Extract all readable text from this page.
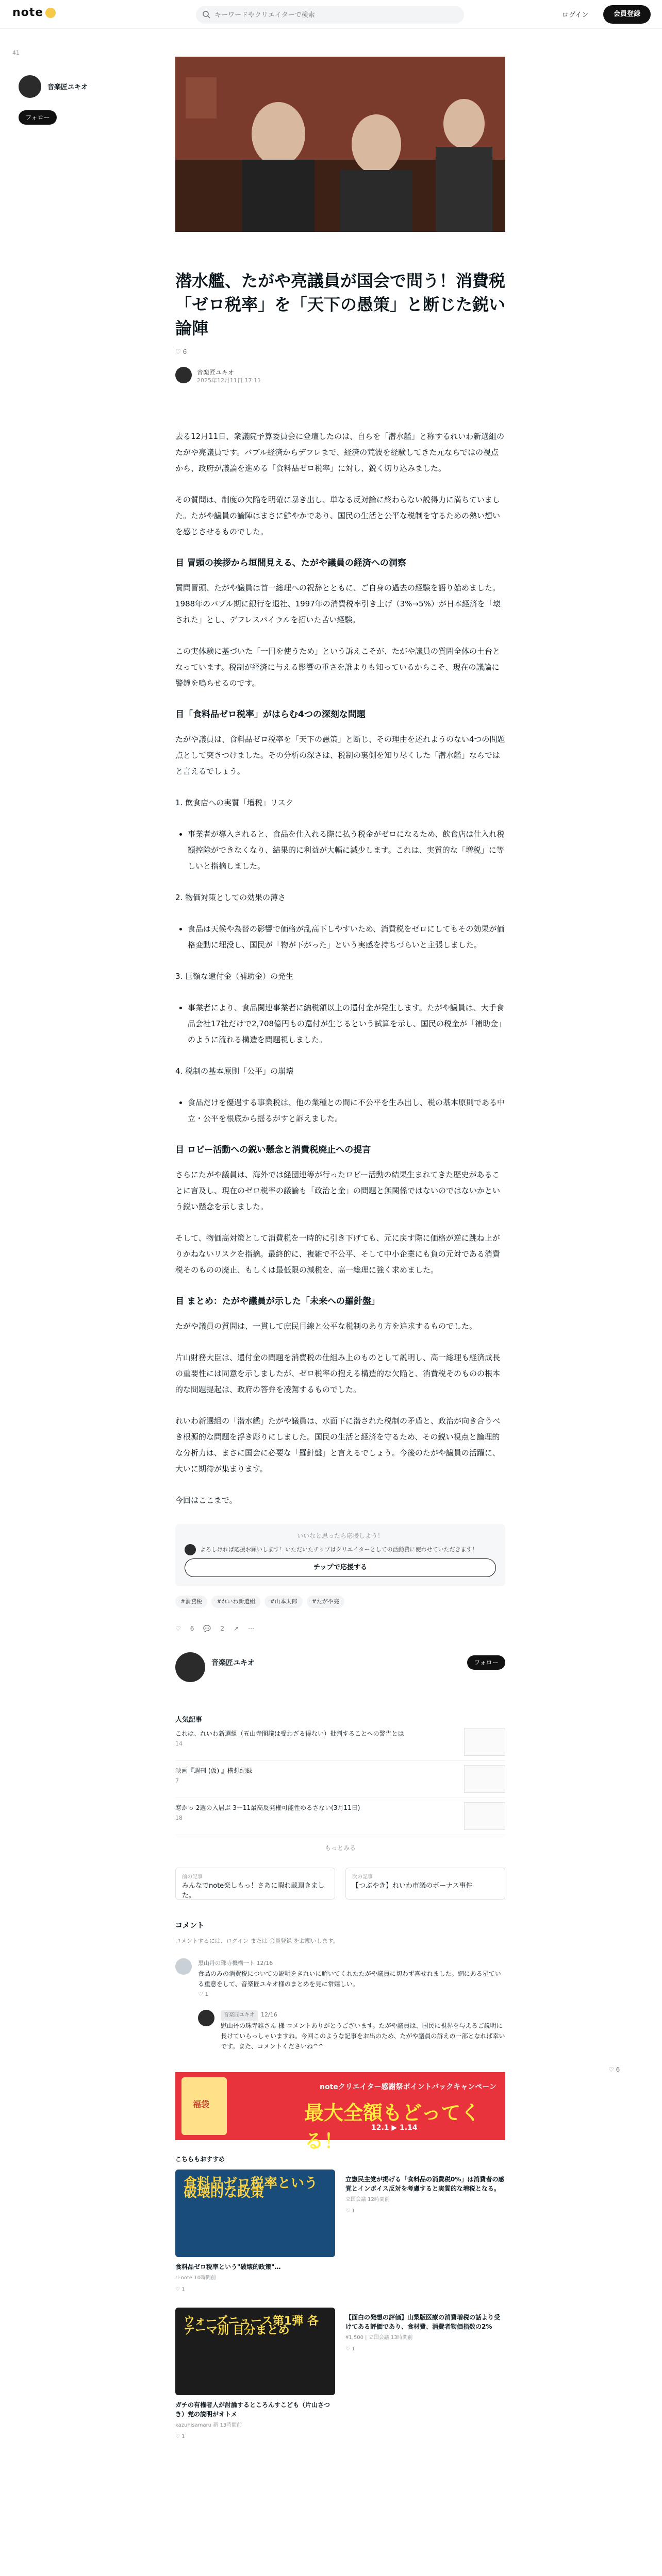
note
キーワードやクリエイターで検索	ログイン	会員登録
41
音楽匠ユキオ
フォロー
潜水艦、たがや亮議員が国会で問う！消費税「ゼロ税率」を「天下の愚策」と断じた鋭い論陣
♡ 6
音楽匠ユキオ
2025年12月11日 17:11

去る12月11日、衆議院予算委員会に登壇したのは、自らを「潜水艦」と称するれいわ新選組のたがや亮議員です。バブル経済からデフレまで、経済の荒波を経験してきた元ならではの視点から、政府が議論を進める「食料品ゼロ税率」に対し、鋭く切り込みました。

その質問は、制度の欠陥を明確に暴き出し、単なる反対論に終わらない説得力に満ちていました。たがや議員の論陣はまさに鮮やかであり、国民の生活と公平な税制を守るための熱い想いを感じさせるものでした。

目 冒頭の挨拶から垣間見える、たがや議員の経済への洞察

質問冒頭、たがや議員は首一総理への祝辞とともに、ご自身の過去の経験を語り始めました。1988年のバブル期に銀行を退社、1997年の消費税率引き上げ（3%→5%）が日本経済を「壊された」とし、デフレスパイラルを招いた苦い経験。

この実体験に基づいた「一円を使うため」という訴えこそが、たがや議員の質問全体の土台となっています。税制が経済に与える影響の重さを誰よりも知っているからこそ、現在の議論に警鐘を鳴らせるのです。

目「食料品ゼロ税率」がはらむ4つの深刻な問題

たがや議員は、食料品ゼロ税率を「天下の愚策」と断じ、その理由を述れようのない4つの問題点として突きつけました。その分析の深さは、税制の裏側を知り尽くした「潜水艦」ならではと言えるでしょう。

1. 飲食店への実質「増税」リスク

• 事業者が導入されると、食品を仕入れる際に払う税金がゼロになるため、飲食店は仕入れ税額控除ができなくなり、結果的に利益が大幅に減少します。これは、実質的な「増税」に等しいと指摘しました。

2. 物価対策としての効果の薄さ

• 食品は天候や為替の影響で価格が乱高下しやすいため、消費税をゼロにしてもその効果が価格変動に埋没し、国民が「物が下がった」という実感を持ちづらいと主張しました。

3. 巨額な還付金（補助金）の発生

• 事業者により、食品関連事業者に納税額以上の還付金が発生します。たがや議員は、大手食品会社17社だけで2,708億円もの還付が生じるという試算を示し、国民の税金が「補助金」のように流れる構造を問題視しました。

4. 税制の基本原則「公平」の崩壊

• 食品だけを優遇する事業税は、他の業種との間に不公平を生み出し、税の基本原則である中立・公平を根底から揺るがすと訴えました。
目 ロビー活動への鋭い懸念と消費税廃止への提言

さらにたがや議員は、海外では経団連等が行ったロビー活動の結果生まれてきた歴史があることに言及し、現在のゼロ税率の議論も「政治と金」の問題と無関係ではないのではないかという鋭い懸念を示しました。

そして、物価高対策として消費税を一時的に引き下げても、元に戻す際に価格が逆に跳ね上がりかねないリスクを指摘。最終的に、複雑で不公平、そして中小企業にも負の元対である消費税そのものの廃止、もしくは最低限の減税を、高一総理に強く求めました。

目 まとめ：たがや議員が示した「未来への羅針盤」

たがや議員の質問は、一貫して庶民目線と公平な税制のあり方を追求するものでした。

片山財務大臣は、還付金の問題を消費税の仕組み上のものとして説明し、高一総理も経済成長の重要性には同意を示しましたが、ゼロ税率の抱える構造的な欠陥と、消費税そのものの根本的な問題提起は、政府の答弁を凌駕するものでした。

れいわ新選組の「潜水艦」たがや議員は、水面下に潜された税制の矛盾と、政治が向き合うべき根源的な問題を浮き彫りにしました。国民の生活と経済を守るため、その鋭い視点と論理的な分析力は、まさに国会に必要な「羅針盤」と言えるでしょう。今後のたがや議員の活躍に、大いに期待が集まります。

今回はここまで。

いいなと思ったら応援しよう！
よろしければ応援お願いします！いただいたチップはクリエイターとしての活動費に使わせていただきます！
チップで応援する
#消費税	#れいわ新選組	#山本太郎	#たがや亮
♡ 6 💬 2 ↗ ⋯
音楽匠ユキオ	フォロー
人気記事
これは、れいわ新選組（五山寺閣議は受わざる得ない）批判することへの警告とは
14
映画『週刊 (仮) 』構想紀録
7
寒かっ 2週の入居ぶ 3一11最高反発権可能性ゆるさない(3月11日)
18
もっとみる
前の記事
みんなでnote楽しもっ！さあに暇れ載頂きました。
次の記事
【つぶやき】れいわ市議のボーナス事件
コメント
コメントするには、ログイン または 会員登録 をお願いします。
黒山丹の珠寺機構一ト 12/16
食品のみの消費税についての説明をきれいに解いてくれたたがや議員に切わず喜せれました。網にある星ている重意をして、音楽匠ユキオ様のまとめを見に常嬉しい。
♡ 1
音楽匠ユキオ 12/16
慰山丹の珠寺雑さん 様 コメントありがとうございます。たがや議員は、国民に視界を与えるご説明に長けていらっしゃいますね。今回このような記事をお出のため、たがや議員の訴えの一部となれば幸いです。また、コメントくださいね^^
福袋
noteクリエイター感謝祭ポイントバックキャンペーン
最大全額もどってくる！
12.1 ▶ 1.14
こちらもおすすめ
食料品ゼロ税率という破壊的な政策
食料品ゼロ税率という"破壊的政策"…
ri-note 10時間前
♡ 1
立憲民主党が掲げる「食料品の消費税0%」は消費者の感覚とインボイス反対を考慮すると実質的な増税となる。
立国会議 12時間前
♡ 1
ウォーズニュース第1弾 各テーマ別 目分まとめ
ガチの有権者人が討論するところんすこども（片山さつき）党の説明がオトメ
kazuhisamaru 新 13時間前
♡ 1
【面白の発想の評価】山梨版医療の消費増税の話より受けてある評価であり、食材費、消費者物価指数の2%
¥1,500 | 立国会議 13時間前
♡ 1
♡ 6
